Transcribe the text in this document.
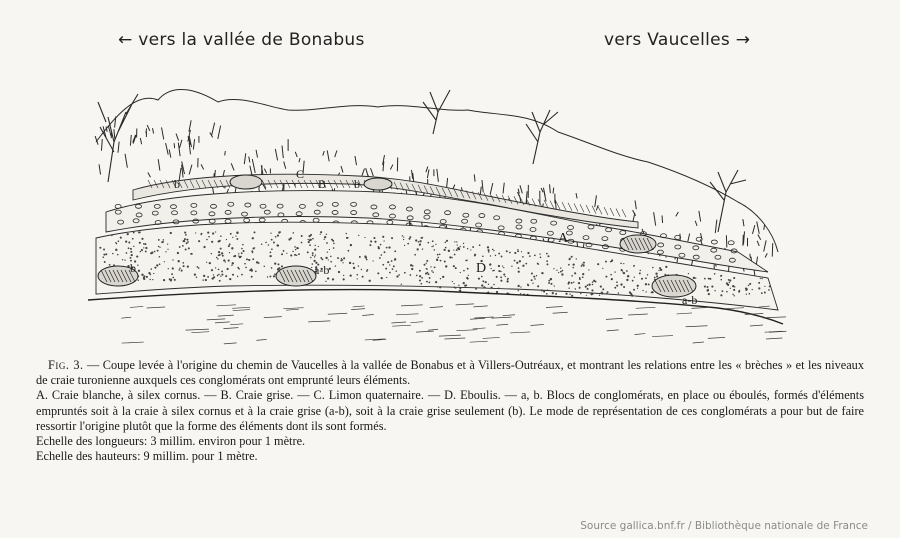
← vers la vallée de Bonabus	vers Vaucelles →
b
C
B b
b	a-b	D
A
a-b

Fig. 3. — Coupe levée à l'origine du chemin de Vaucelles à la vallée de Bonabus et à Villers-Outréaux, et montrant les relations entre les « brèches » et les niveaux de craie turonienne auxquels ces conglomérats ont emprunté leurs éléments.

A. Craie blanche, à silex cornus. — B. Craie grise. — C. Limon quaternaire. — D. Eboulis. — a, b. Blocs de conglomérats, en place ou éboulés, formés d'éléments empruntés soit à la craie à silex cornus et à la craie grise (a-b), soit à la craie grise seulement (b). Le mode de représentation de ces conglomérats a pour but de faire ressortir l'origine plutôt que la forme des éléments dont ils sont formés.

Echelle des longueurs: 3 millim. environ pour 1 mètre.

Echelle des hauteurs: 9 millim. pour 1 mètre.

Source gallica.bnf.fr / Bibliothèque nationale de France
